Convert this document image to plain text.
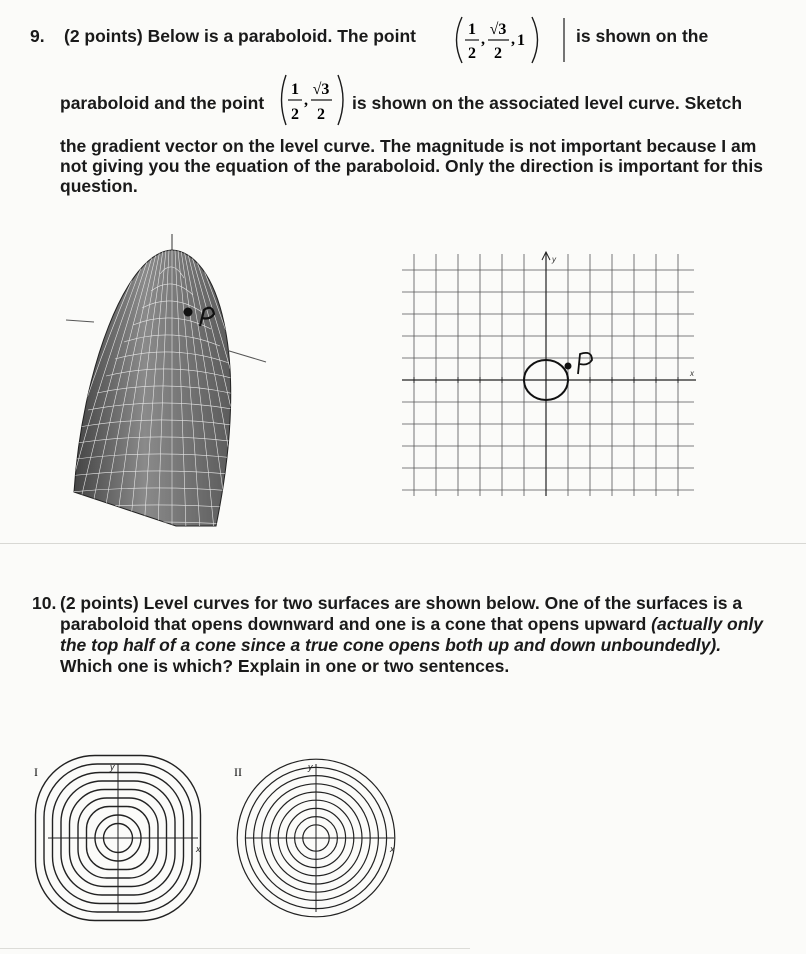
9. (2 points) Below is a paraboloid. The point	1
2
,
√3
2
, 1	is shown on the
paraboloid and the point
1
2
,
√3
2
is shown on the associated level curve. Sketch
the gradient vector on the level curve. The magnitude is not important because I am not giving you the equation of the paraboloid. Only the direction is important for this question.
y
x
10. (2 points) Level curves for two surfaces are shown below. One of the surfaces is a paraboloid that opens downward and one is a cone that opens upward (actually only the top half of a cone since a true cone opens both up and down unboundedly). Which one is which? Explain in one or two sentences.
I	y
x
II	y
x
